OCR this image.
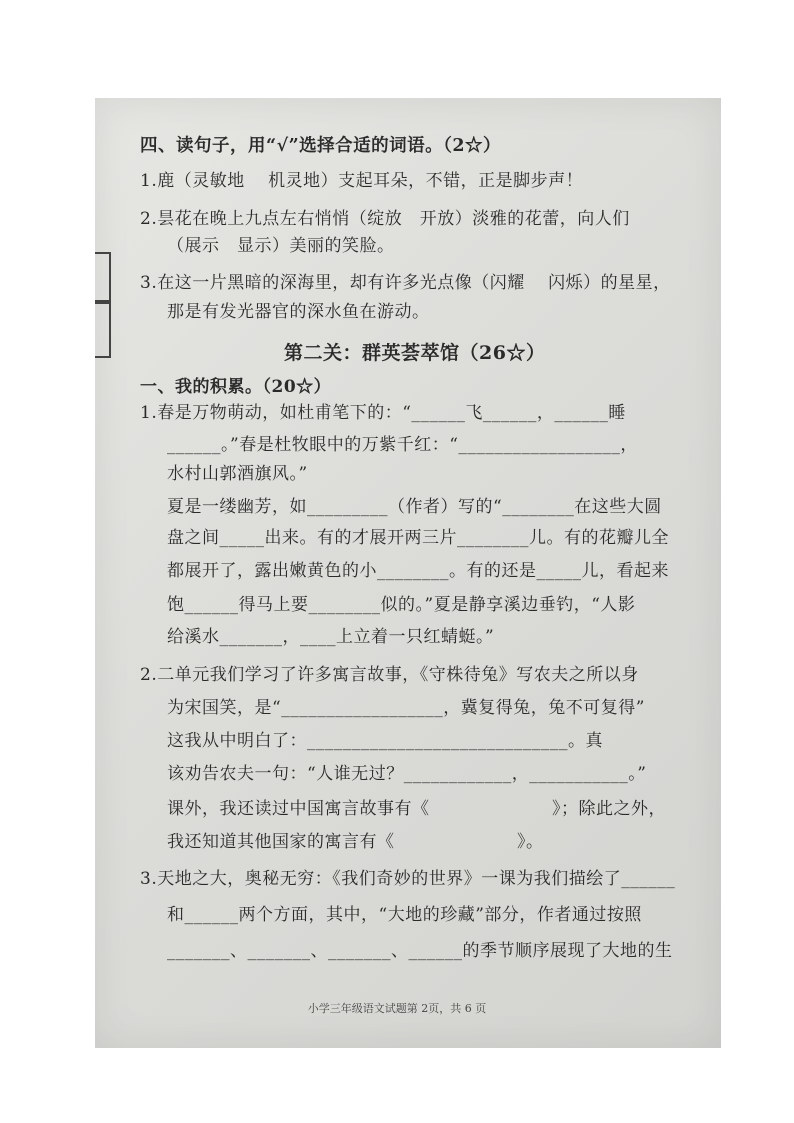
四、读句子，用“√”选择合适的词语。（2☆）
1.鹿（灵敏地　 机灵地）支起耳朵，不错，正是脚步声！
2.昙花在晚上九点左右悄悄（绽放　开放）淡雅的花蕾，向人们
（展示　显示）美丽的笑脸。
3.在这一片黑暗的深海里，却有许多光点像（闪耀　 闪烁）的星星，
那是有发光器官的深水鱼在游动。
第二关：群英荟萃馆（26☆）
一、我的积累。（20☆）
1.春是万物萌动，如杜甫笔下的：“______飞______，______睡
______。”春是杜牧眼中的万紫千红：“__________________，
水村山郭酒旗风。”
夏是一缕幽芳，如_________（作者）写的“________在这些大圆
盘之间_____出来。有的才展开两三片________儿。有的花瓣儿全
都展开了，露出嫩黄色的小________。有的还是_____儿，看起来
饱______得马上要________似的。”夏是静享溪边垂钓，“人影
给溪水_______，____上立着一只红蜻蜓。”
2.二单元我们学习了许多寓言故事，《守株待兔》写农夫之所以身
为宋国笑，是“__________________，冀复得兔，兔不可复得”
这我从中明白了：_____________________________。真
该劝告农夫一句：“人谁无过？____________，___________。”
课外，我还读过中国寓言故事有《　　　　　　　》；除此之外，
我还知道其他国家的寓言有《　　　　　　　》。
3.天地之大，奥秘无穷：《我们奇妙的世界》一课为我们描绘了______
和______两个方面，其中，“大地的珍藏”部分，作者通过按照
_______、_______、_______、______的季节顺序展现了大地的生
小学三年级语文试题第 2页，共 6 页
